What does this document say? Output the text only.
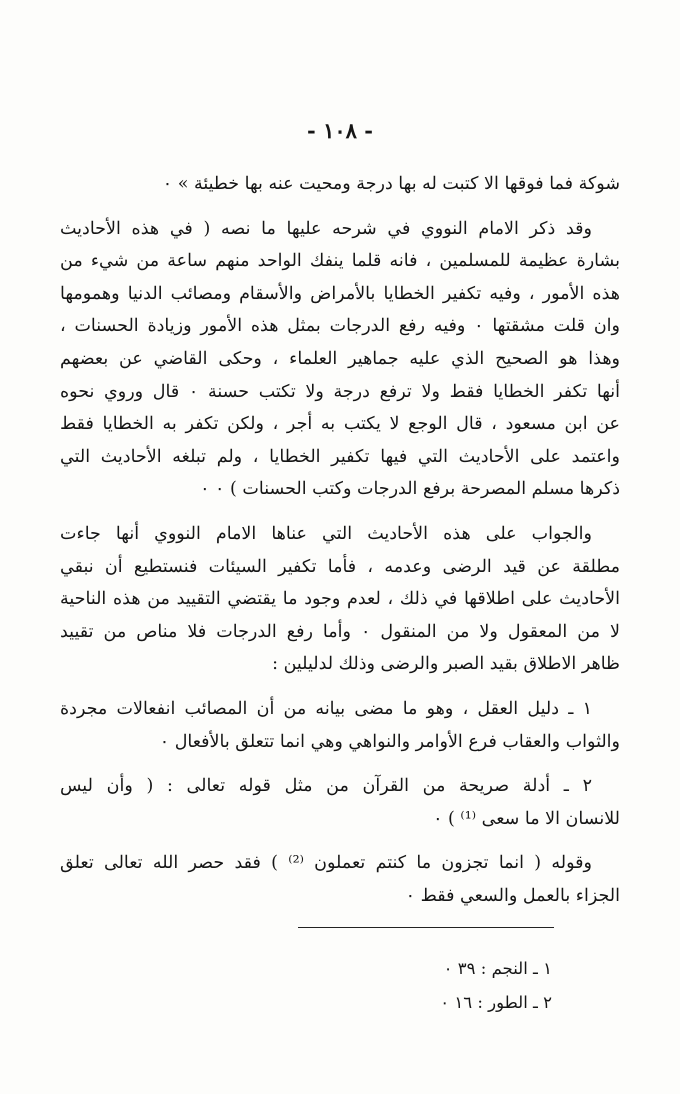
- ١٠٨ -

شوكة فما فوقها الا كتبت له بها درجة ومحيت عنه بها خطيئة » ٠

وقد ذكر الامام النووي في شرحه عليها ما نصه ( في هذه الأحاديث
بشارة عظيمة للمسلمين ، فانه قلما ينفك الواحد منهم ساعة من شيء من
هذه الأمور ، وفيه تكفير الخطايا بالأمراض والأسقام ومصائب الدنيا وهمومها
وان قلت مشقتها ٠ وفيه رفع الدرجات بمثل هذه الأمور وزيادة الحسنات ،
وهذا هو الصحيح الذي عليه جماهير العلماء ، وحكى القاضي عن بعضهم
أنها تكفر الخطايا فقط ولا ترفع درجة ولا تكتب حسنة ٠ قال وروي نحوه
عن ابن مسعود ، قال الوجع لا يكتب به أجر ، ولكن تكفر به الخطايا فقط
واعتمد على الأحاديث التي فيها تكفير الخطايا ، ولم تبلغه الأحاديث التي
ذكرها مسلم المصرحة برفع الدرجات وكتب الحسنات ) ٠ ٠

والجواب على هذه الأحاديث التي عناها الامام النووي أنها جاءت
مطلقة عن قيد الرضى وعدمه ، فأما تكفير السيئات فنستطيع أن نبقي
الأحاديث على اطلاقها في ذلك ، لعدم وجود ما يقتضي التقييد من هذه الناحية
لا من المعقول ولا من المنقول ٠ وأما رفع الدرجات فلا مناص من تقييد
ظاهر الاطلاق بقيد الصبر والرضى وذلك لدليلين :

١ ـ دليل العقل ، وهو ما مضى بيانه من أن المصائب انفعالات مجردة
والثواب والعقاب فرع الأوامر والنواهي وهي انما تتعلق بالأفعال ٠

٢ ـ أدلة صريحة من القرآن من مثل قوله تعالى : ( وأن ليس
للانسان الا ما سعى ⁽¹⁾ ) ٠

وقوله ( انما تجزون ما كنتم تعملون ⁽²⁾ ) فقد حصر الله تعالى تعلق
الجزاء بالعمل والسعي فقط ٠

١ ـ النجم : ٣٩ ٠
٢ ـ الطور : ١٦ ٠
